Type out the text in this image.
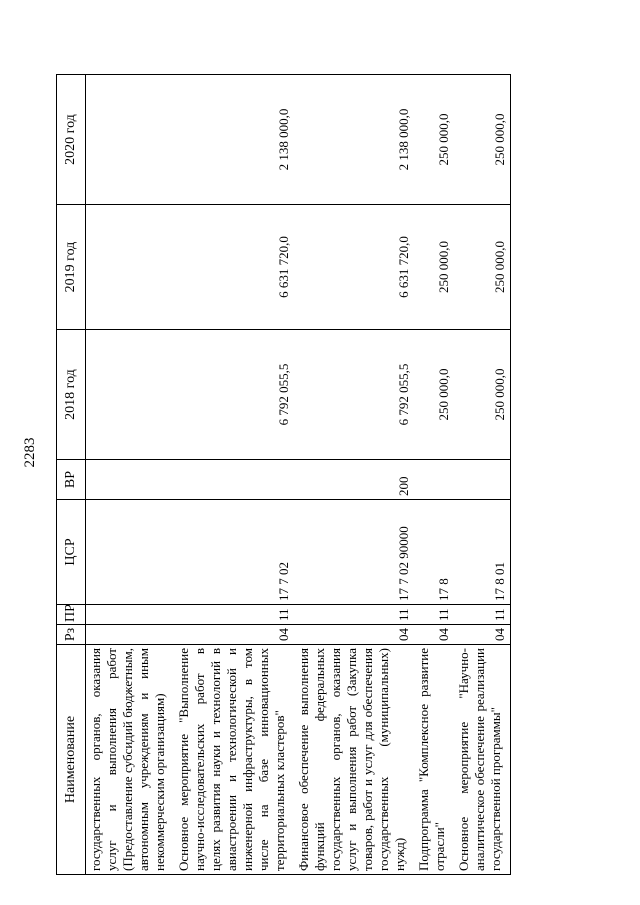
2283
Наименование	Рз	ПР	ЦСР	ВР	2018 год	2019 год	2020 год
государственных органов, оказания услуг и выполнения работ (Предоставление субсидий бюджетным, автономным учреждениям и иным некоммерческим организациям)							
Основное мероприятие "Выполнение научно-исследовательских работ в целях развития науки и технологий в авиастроении и технологической и инженерной инфраструктуры, в том числе на базе инновационных территориальных кластеров"	04	11	17 7 02		6 792 055,5	6 631 720,0	2 138 000,0
Финансовое обеспечение выполнения функций федеральных государственных органов, оказания услуг и выполнения работ (Закупка товаров, работ и услуг для обеспечения государственных (муниципальных) нужд)	04	11	17 7 02 90000	200	6 792 055,5	6 631 720,0	2 138 000,0
Подпрограмма "Комплексное развитие отрасли"	04	11	17 8		250 000,0	250 000,0	250 000,0
Основное мероприятие "Научно-аналитическое обеспечение реализации государственной программы"	04	11	17 8 01		250 000,0	250 000,0	250 000,0
